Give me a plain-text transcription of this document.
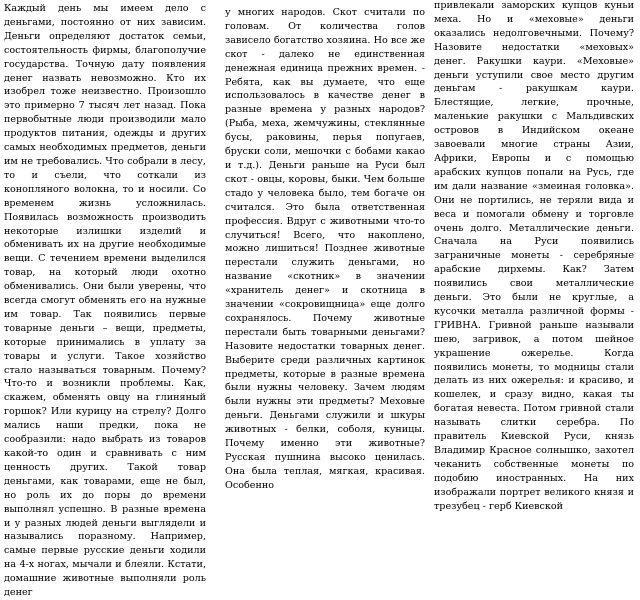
Каждый день мы имеем дело с деньгами, постоянно от них зависим. Деньги определяют достаток семьи, состоятельность фирмы, благополучие государства. Точную дату появления денег назвать невозможно. Кто их изобрел тоже неизвестно. Произошло это примерно 7 тысяч лет назад. Пока первобытные люди производили мало продуктов питания, одежды и других самых необходимых предметов, деньги им не требовались. Что собрали в лесу, то и съели, что соткали из конопляного волокна, то и носили. Со временем жизнь усложнилась. Появилась возможность производить некоторые излишки изделий и обменивать их на другие необходимые вещи. С течением времени выделился товар, на который люди охотно обменивались. Они были уверены, что всегда смогут обменять его на нужные им товар. Так появились первые товарные деньги – вещи, предметы, которые принимались в уплату за товары и услуги. Такое хозяйство стало называться товарным. Почему? Что-то и возникли проблемы. Как, скажем, обменять овцу на глиняный горшок? Или курицу на стрелу? Долго мались наши предки, пока не сообразили: надо выбрать из товаров какой-то один и сравнивать с ним ценность других. Такой товар деньгами, как товарами, еще не был, но роль их до поры до времени выполнял успешно. В разные времена и у разных людей деньги выглядели и назывались поразному. Например, самые первые русские деньги ходили на 4-х ногах, мычали и блеяли. Кстати, домашние животные выполняли роль денег

у многих народов. Скот считали по головам. От количества голов зависело богатство хозяина. Но все же скот - далеко не единственная денежная единица прежних времен. - Ребята, как вы думаете, что еще использовалось в качестве денег в разные времена у разных народов? (Рыба, меха, жемчужины, стеклянные бусы, раковины, перья попугаев, бруски соли, мешочки с бобами какао и т.д.). Деньги раньше на Руси был скот - овцы, коровы, быки. Чем больше стадо у человека было, тем богаче он считался. Это была ответственная профессия. Вдруг с животными что-то случиться! Всего, что накоплено, можно лишиться! Позднее животные перестали служить деньгами, но название «скотник» в значении «хранитель денег» и скотница в значении «сокровищница» еще долго сохранялось. Почему животные перестали быть товарными деньгами? Назовите недостатки товарных денег. Выберите среди различных картинок предметы, которые в разные времена были нужны человеку. Зачем людям были нужны эти предметы? Меховые деньги. Деньгами служили и шкуры животных - белки, соболя, куницы. Почему именно эти животные? Русская пушнина высоко ценилась. Она была теплая, мягкая, красивая. Особенно

привлекали заморских купцов куньи меха. Но и «меховые» деньги оказались недолговечными. Почему? Назовите недостатки «меховых» денег. Ракушки каури. «Меховые» деньги уступили свое место другим деньгам - ракушкам каури. Блестящие, легкие, прочные, маленькие ракушки с Мальдивских островов в Индийском океане завоевали многие страны Азии, Африки, Европы и с помощью арабских купцов попали на Русь, где им дали название «змеиная головка». Они не портились, не теряли вида и веса и помогали обмену и торговле очень долго. Металлические деньги. Сначала на Руси появились заграничные монеты - серебряные арабские дирхемы. Как? Затем появились свои металлические деньги. Это были не круглые, а кусочки металла различной формы - ГРИВНА. Гривной раньше называли шею, загривок, а потом шейное украшение ожерелье. Когда появились монеты, то модницы стали делать из них ожерелья: и красиво, и кошелек, и сразу видно, какая ты богатая невеста. Потом гривной стали называть слитки серебра. По правитель Киевской Руси, князь Владимир Красное солнышко, захотел чеканить собственные монеты по подобию иностранных. На них изображали портрет великого князя и трезубец - герб Киевской
